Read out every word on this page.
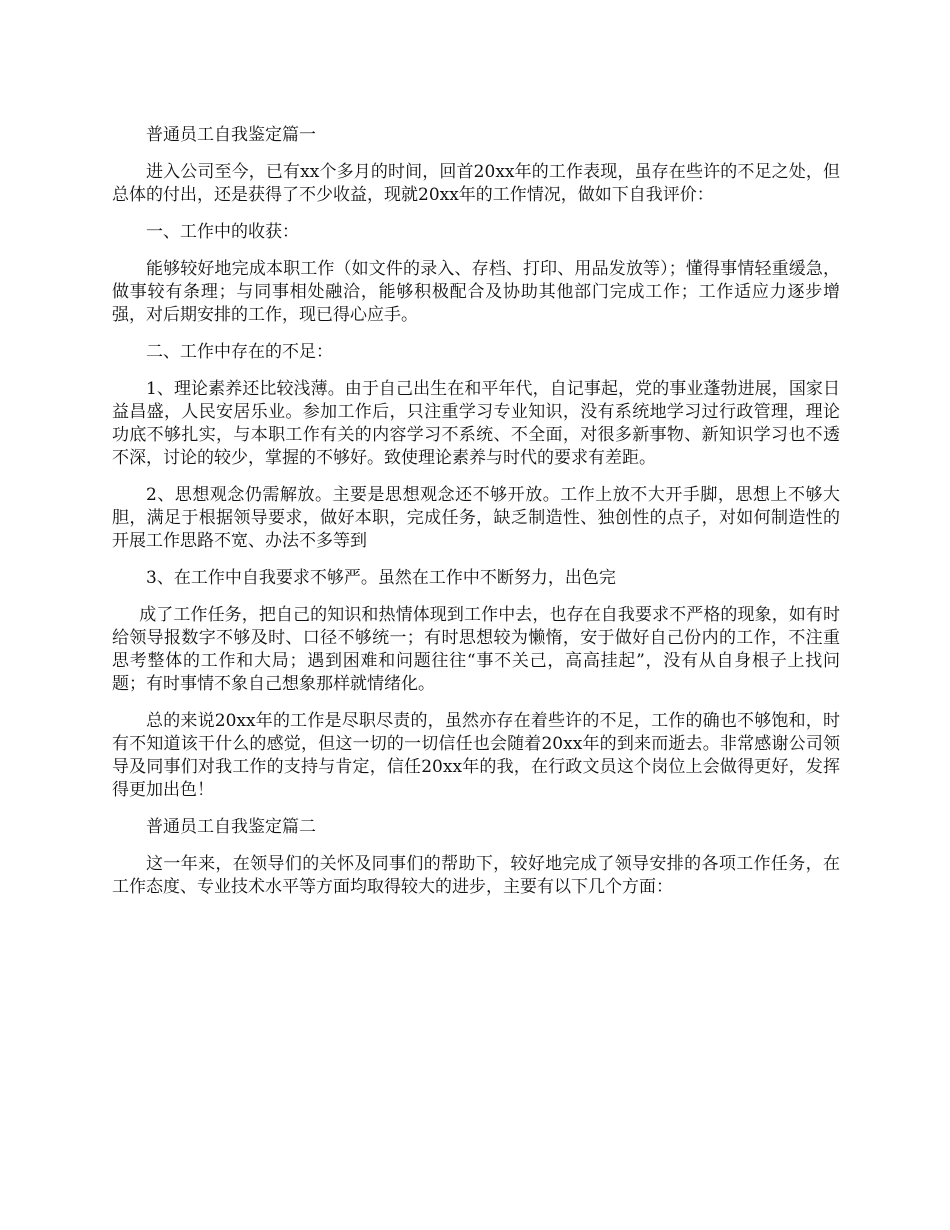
普通员工自我鉴定篇一

进入公司至今，已有xx个多月的时间，回首20xx年的工作表现，虽存在些许的不足之处，但总体的付出，还是获得了不少收益，现就20xx年的工作情况，做如下自我评价：

一、工作中的收获：

能够较好地完成本职工作（如文件的录入、存档、打印、用品发放等）；懂得事情轻重缓急，做事较有条理；与同事相处融洽，能够积极配合及协助其他部门完成工作；工作适应力逐步增强，对后期安排的工作，现已得心应手。

二、工作中存在的不足：

1、理论素养还比较浅薄。由于自己出生在和平年代，自记事起，党的事业蓬勃进展，国家日益昌盛，人民安居乐业。参加工作后，只注重学习专业知识，没有系统地学习过行政管理，理论功底不够扎实，与本职工作有关的内容学习不系统、不全面，对很多新事物、新知识学习也不透不深，讨论的较少，掌握的不够好。致使理论素养与时代的要求有差距。

2、思想观念仍需解放。主要是思想观念还不够开放。工作上放不大开手脚，思想上不够大胆，满足于根据领导要求，做好本职，完成任务，缺乏制造性、独创性的点子，对如何制造性的开展工作思路不宽、办法不多等到

3、在工作中自我要求不够严。虽然在工作中不断努力，出色完

成了工作任务，把自己的知识和热情体现到工作中去，也存在自我要求不严格的现象，如有时给领导报数字不够及时、口径不够统一；有时思想较为懒惰，安于做好自己份内的工作，不注重思考整体的工作和大局；遇到困难和问题往往“事不关己，高高挂起”，没有从自身根子上找问题；有时事情不象自己想象那样就情绪化。

总的来说20xx年的工作是尽职尽责的，虽然亦存在着些许的不足，工作的确也不够饱和，时有不知道该干什么的感觉，但这一切的一切信任也会随着20xx年的到来而逝去。非常感谢公司领导及同事们对我工作的支持与肯定，信任20xx年的我，在行政文员这个岗位上会做得更好，发挥得更加出色！

普通员工自我鉴定篇二

这一年来，在领导们的关怀及同事们的帮助下，较好地完成了领导安排的各项工作任务，在工作态度、专业技术水平等方面均取得较大的进步，主要有以下几个方面：
